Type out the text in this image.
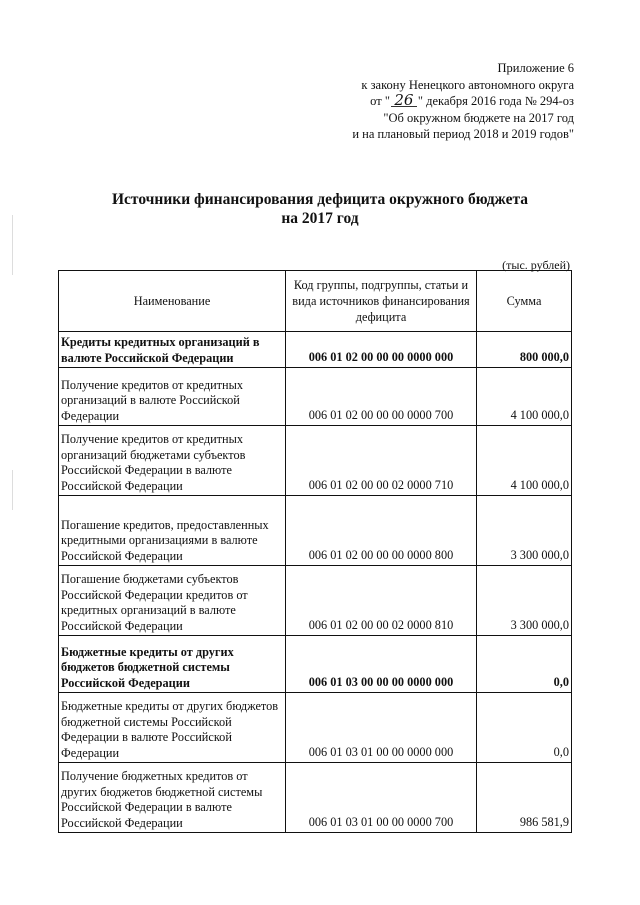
Приложение 6
к закону Ненецкого автономного округа
от " 26 " декабря 2016 года № 294-оз
"Об окружном бюджете на 2017 год
и на плановый период 2018 и 2019 годов"
Источники финансирования дефицита окружного бюджета
на 2017 год
(тыс. рублей)
Наименование	Код группы, подгруппы, статьи и вида источников финансирования дефицита	Сумма
Кредиты кредитных организаций в валюте Российской Федерации	006 01 02 00 00 00 0000 000	800 000,0
Получение кредитов от кредитных организаций в валюте Российской Федерации	006 01 02 00 00 00 0000 700	4 100 000,0
Получение кредитов от кредитных организаций бюджетами субъектов Российской Федерации в валюте Российской Федерации	006 01 02 00 00 02 0000 710	4 100 000,0
Погашение кредитов, предоставленных кредитными организациями в валюте Российской Федерации	006 01 02 00 00 00 0000 800	3 300 000,0
Погашение бюджетами субъектов Российской Федерации кредитов от кредитных организаций в валюте Российской Федерации	006 01 02 00 00 02 0000 810	3 300 000,0
Бюджетные кредиты от других бюджетов бюджетной системы Российской Федерации	006 01 03 00 00 00 0000 000	0,0
Бюджетные кредиты от других бюджетов бюджетной системы Российской Федерации в валюте Российской Федерации	006 01 03 01 00 00 0000 000	0,0
Получение бюджетных кредитов от других бюджетов бюджетной системы Российской Федерации в валюте Российской Федерации	006 01 03 01 00 00 0000 700	986 581,9
